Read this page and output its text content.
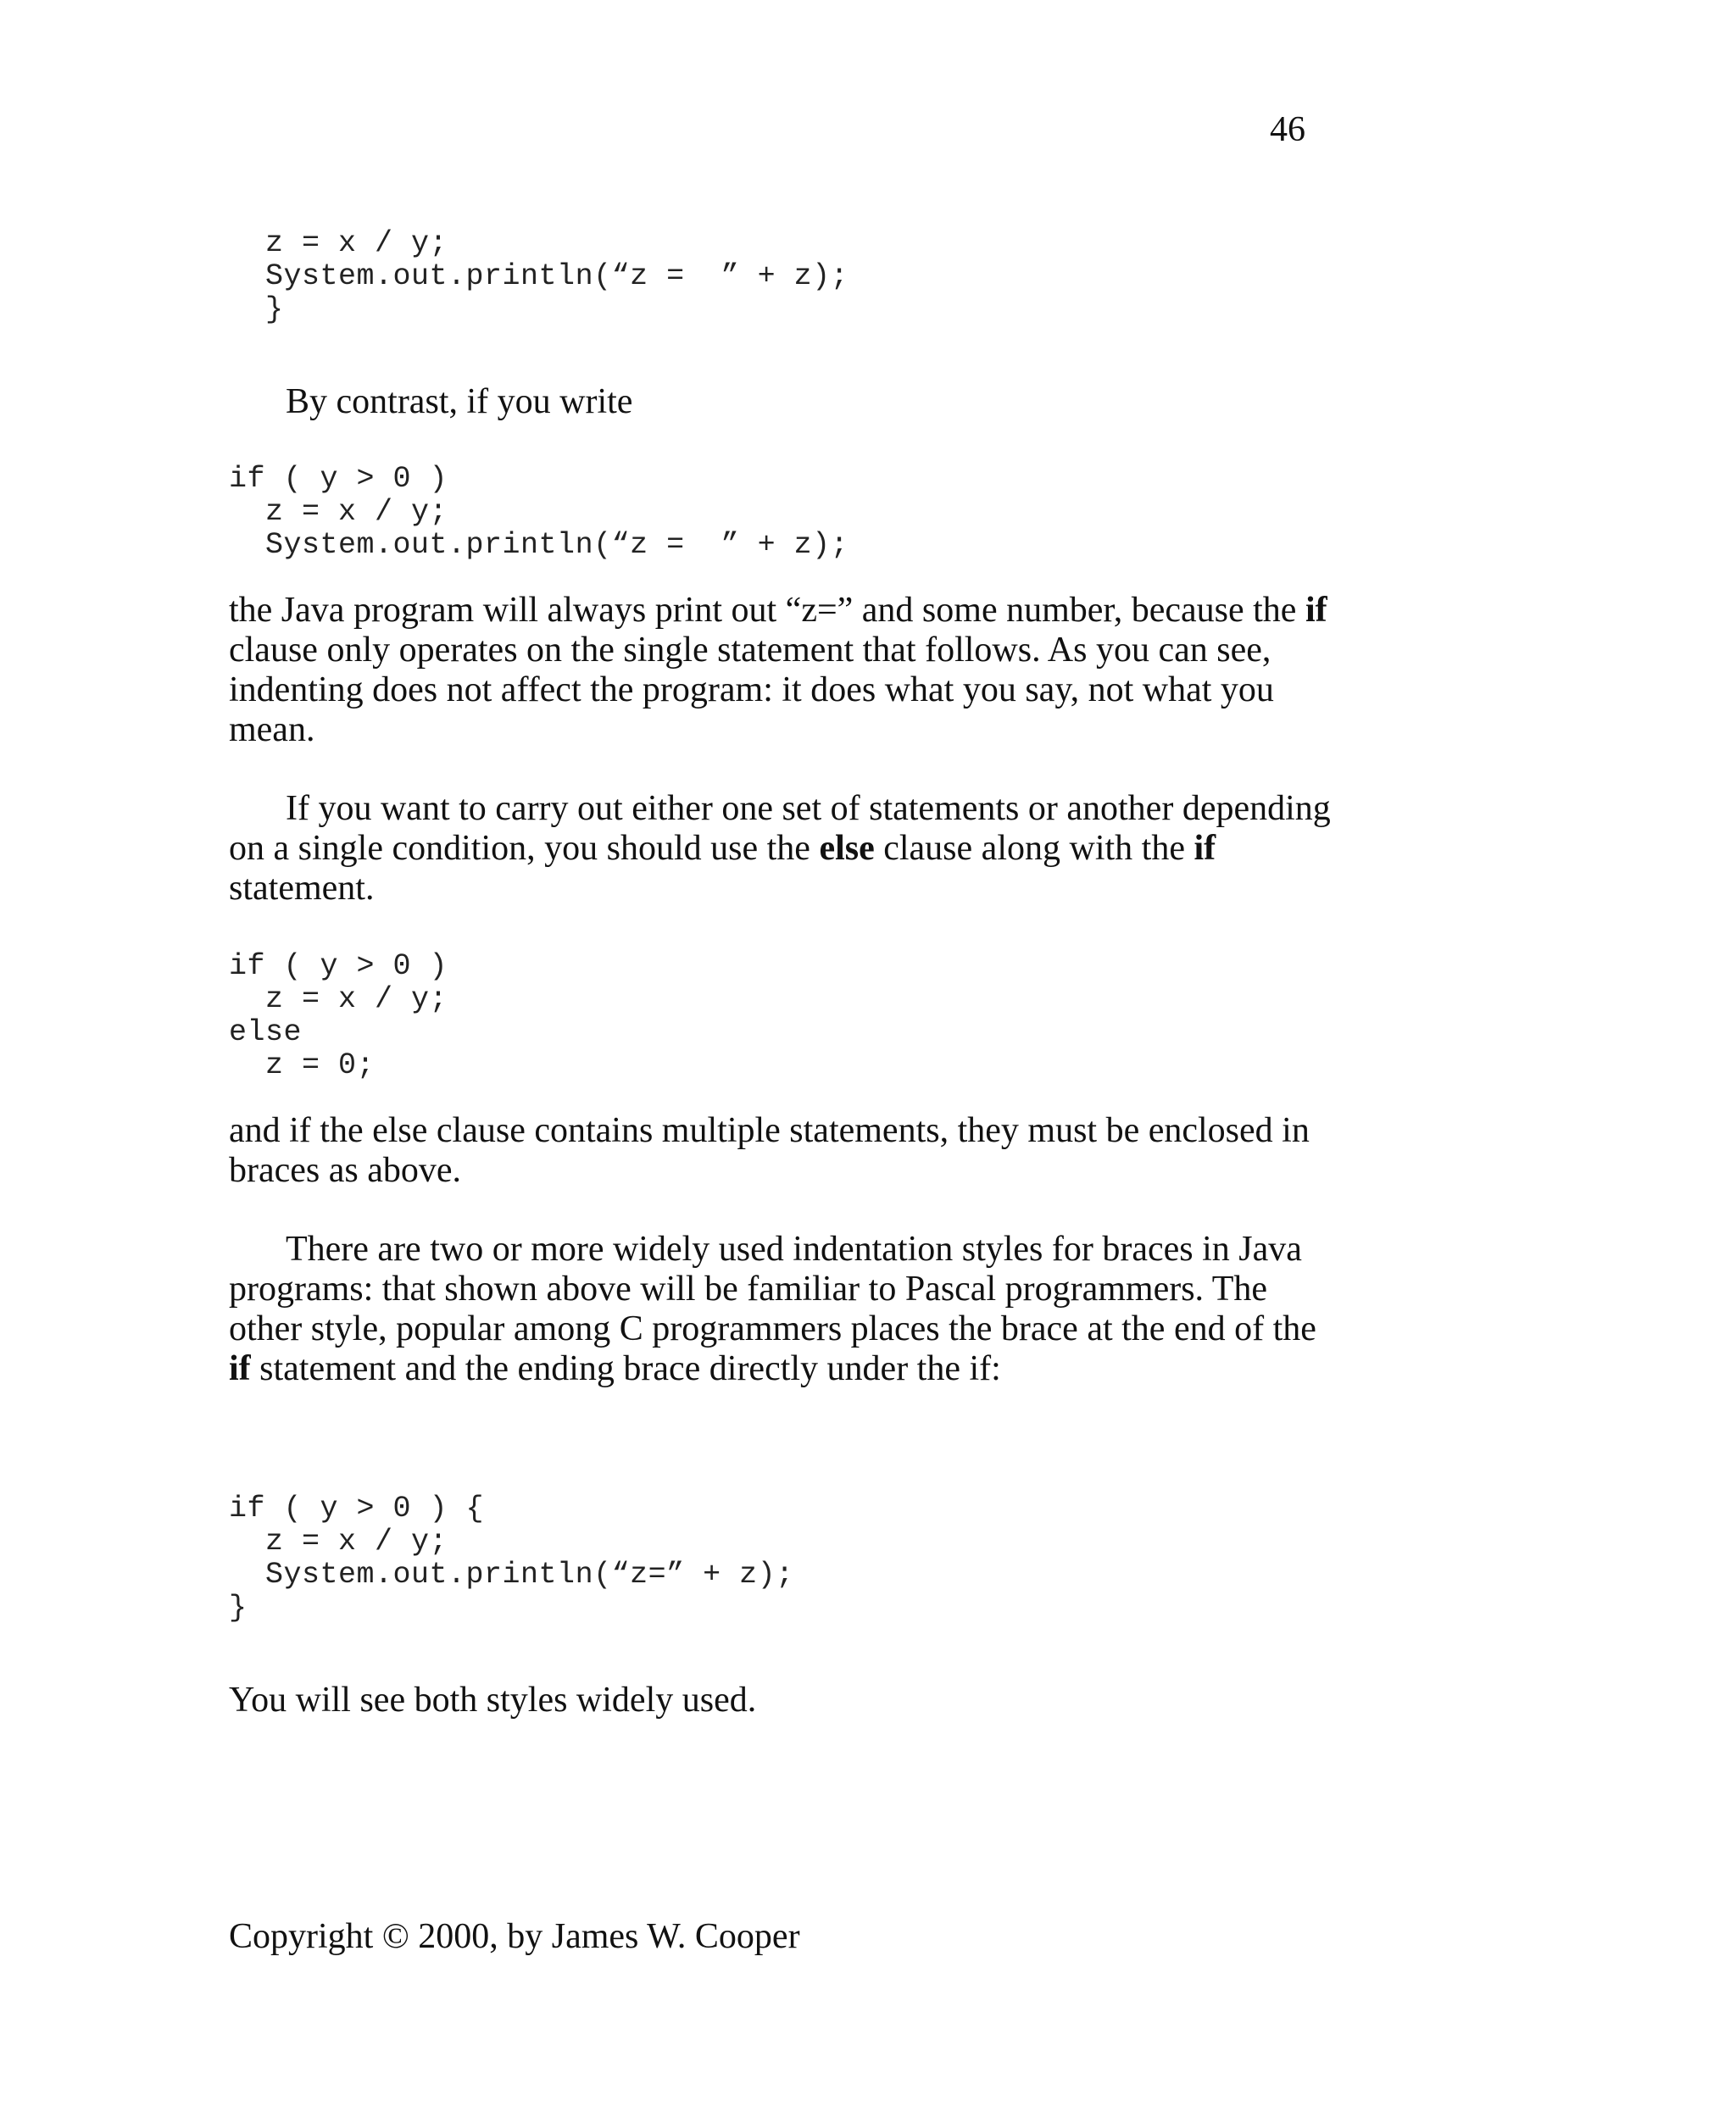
46
z = x / y;
System.out.println(“z =  ” + z);
}

By contrast, if you write

if ( y > 0 )
z = x / y;
System.out.println(“z =  ” + z);

the Java program will always print out “z=” and some number, because the if clause only operates on the single statement that follows. As you can see, indenting does not affect the program: it does what you say, not what you mean.

If you want to carry out either one set of statements or another depending on a single condition, you should use the else clause along with the if statement.

if ( y > 0 )
z = x / y;
else
z = 0;

and if the else clause contains multiple statements, they must be enclosed in braces as above.

There are two or more widely used indentation styles for braces in Java programs: that shown above will be familiar to Pascal programmers. The other style, popular among C programmers places the brace at the end of the if statement and the ending brace directly under the if:

if ( y > 0 ) {
z = x / y;
System.out.println(“z=” + z);
}

You will see both styles widely used.

Copyright © 2000, by James W. Cooper
